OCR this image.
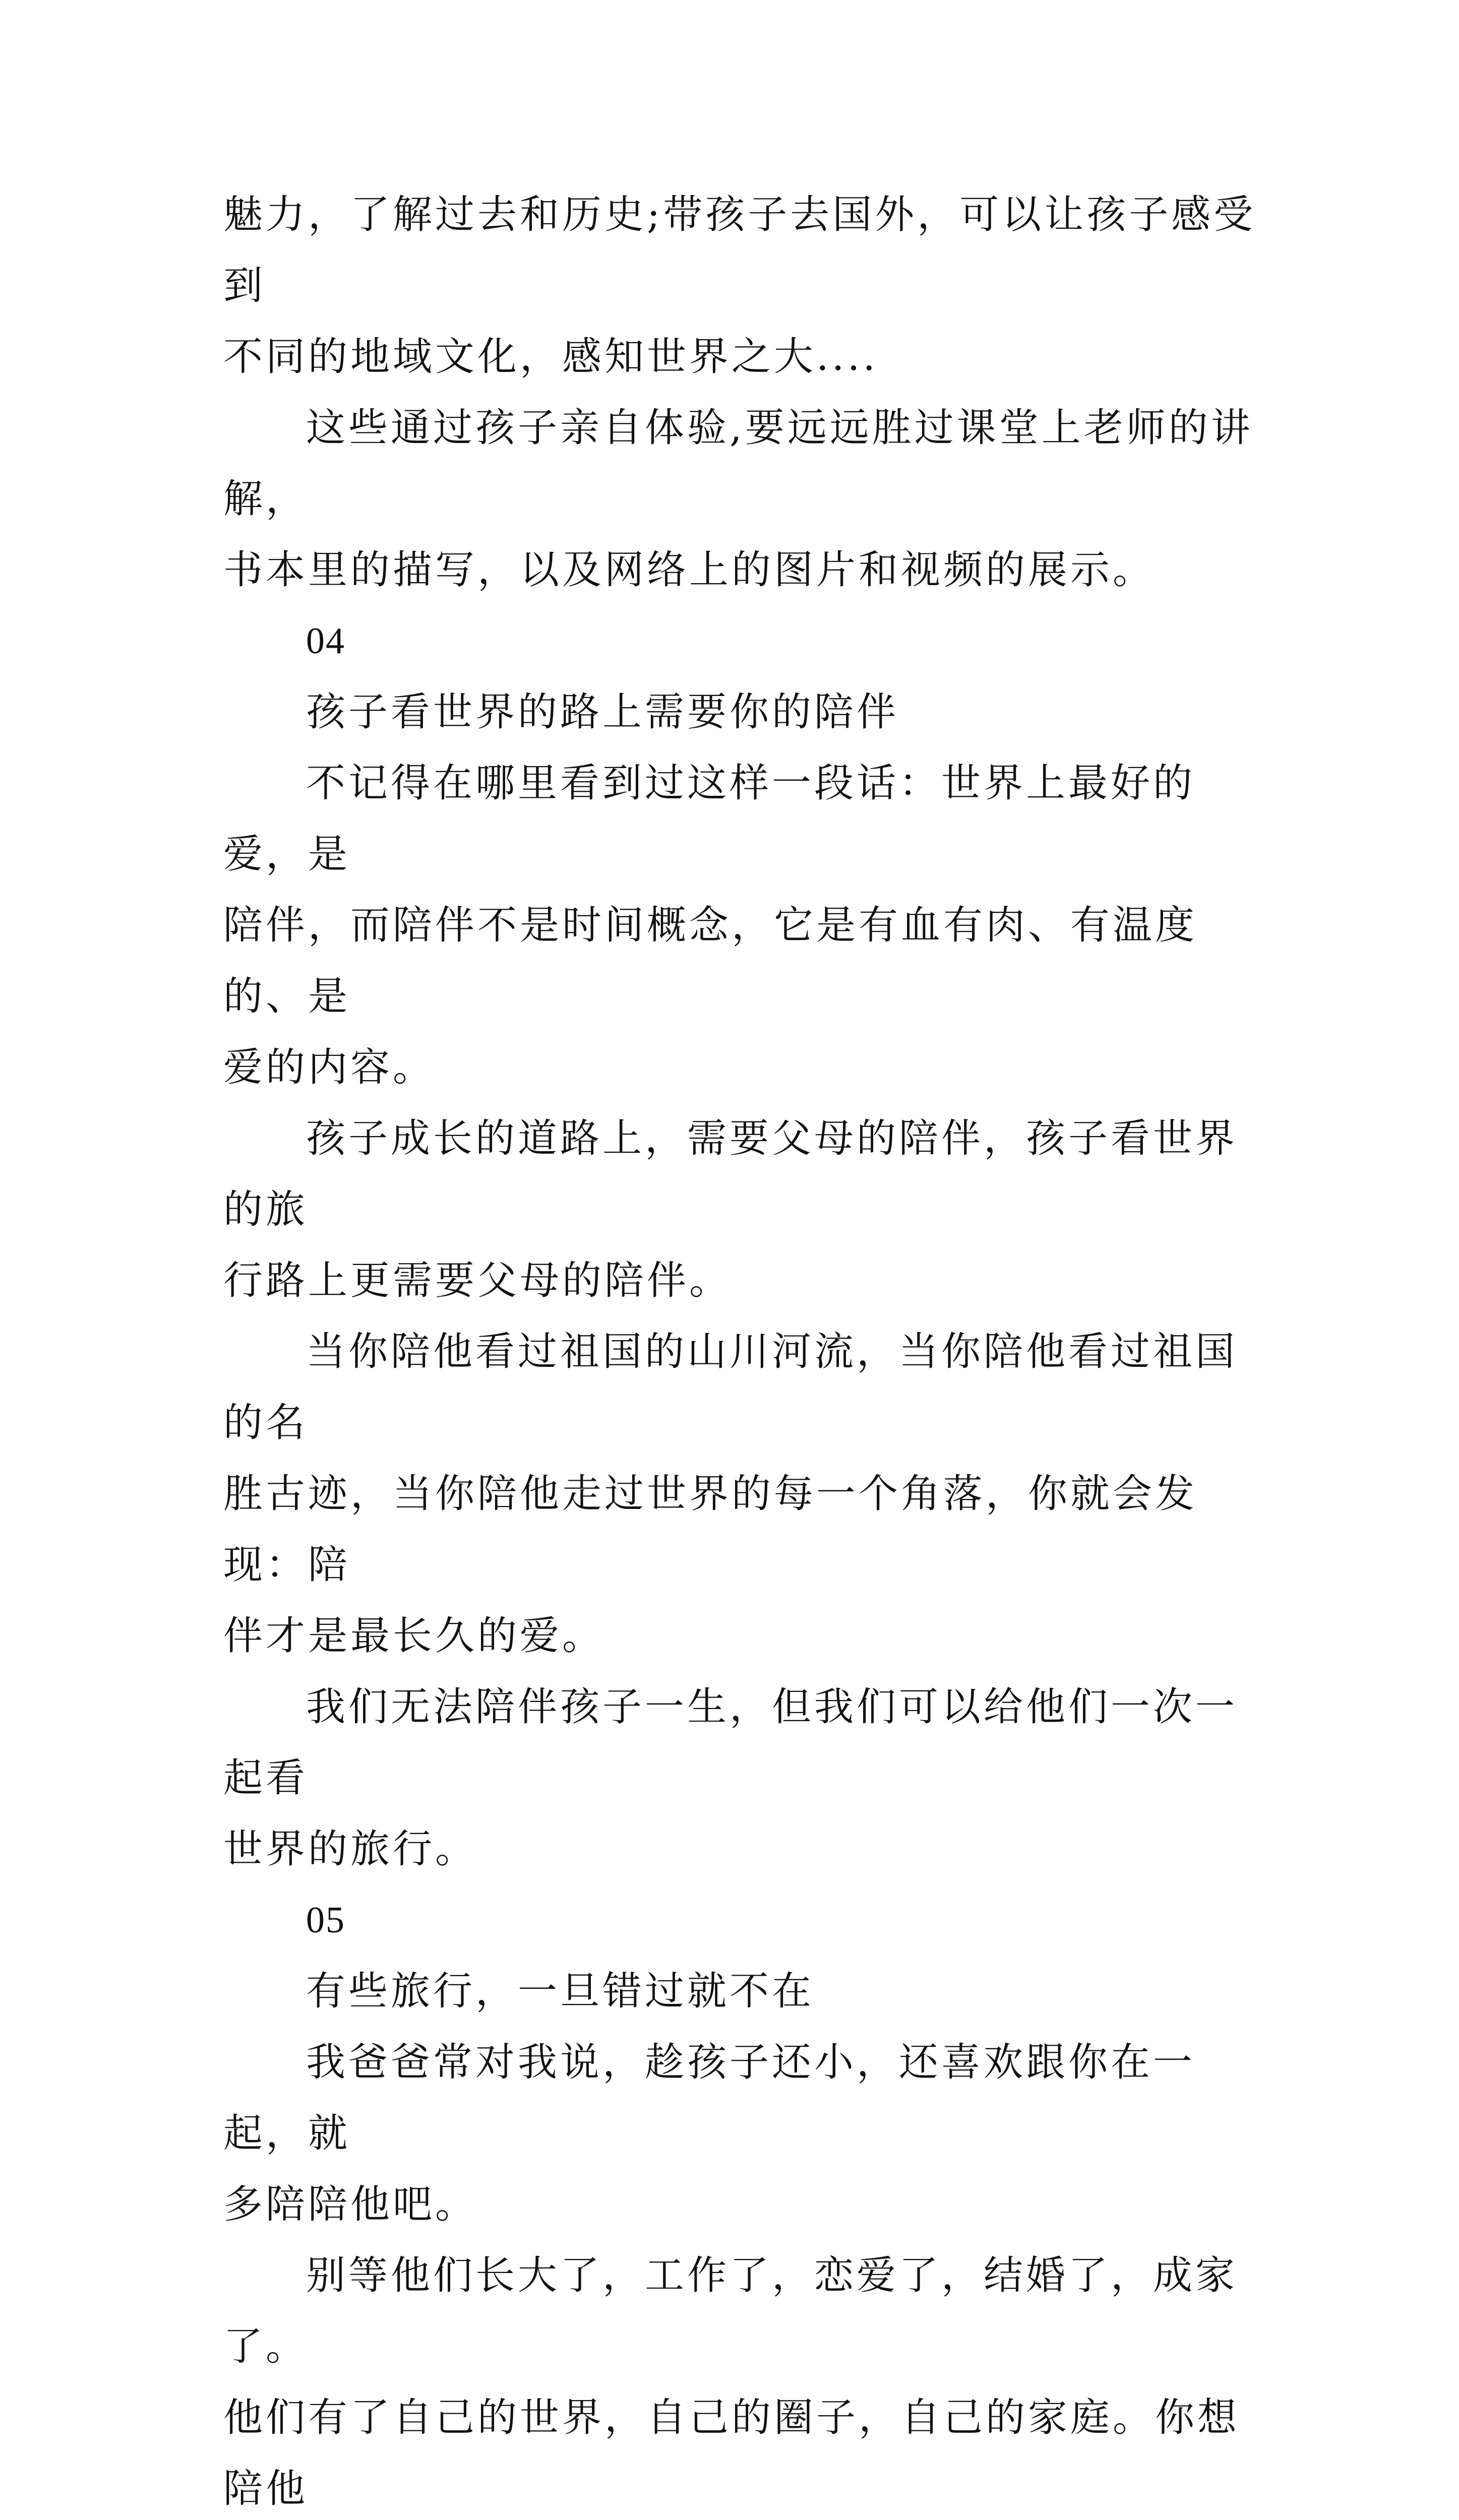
魅力，了解过去和历史;带孩子去国外，可以让孩子感受到
不同的地域文化，感知世界之大....

这些通过孩子亲自体验,要远远胜过课堂上老师的讲解，
书本里的描写，以及网络上的图片和视频的展示。

04

孩子看世界的路上需要你的陪伴

不记得在哪里看到过这样一段话：世界上最好的爱，是
陪伴，而陪伴不是时间概念，它是有血有肉、有温度的、是
爱的内容。

孩子成长的道路上，需要父母的陪伴，孩子看世界的旅
行路上更需要父母的陪伴。

当你陪他看过祖国的山川河流，当你陪他看过祖国的名
胜古迹，当你陪他走过世界的每一个角落，你就会发现：陪
伴才是最长久的爱。

我们无法陪伴孩子一生，但我们可以给他们一次一起看
世界的旅行。

05

有些旅行，一旦错过就不在

我爸爸常对我说，趁孩子还小，还喜欢跟你在一起，就
多陪陪他吧。

别等他们长大了，工作了，恋爱了，结婚了，成家了。
他们有了自己的世界，自己的圈子，自己的家庭。你想陪他
